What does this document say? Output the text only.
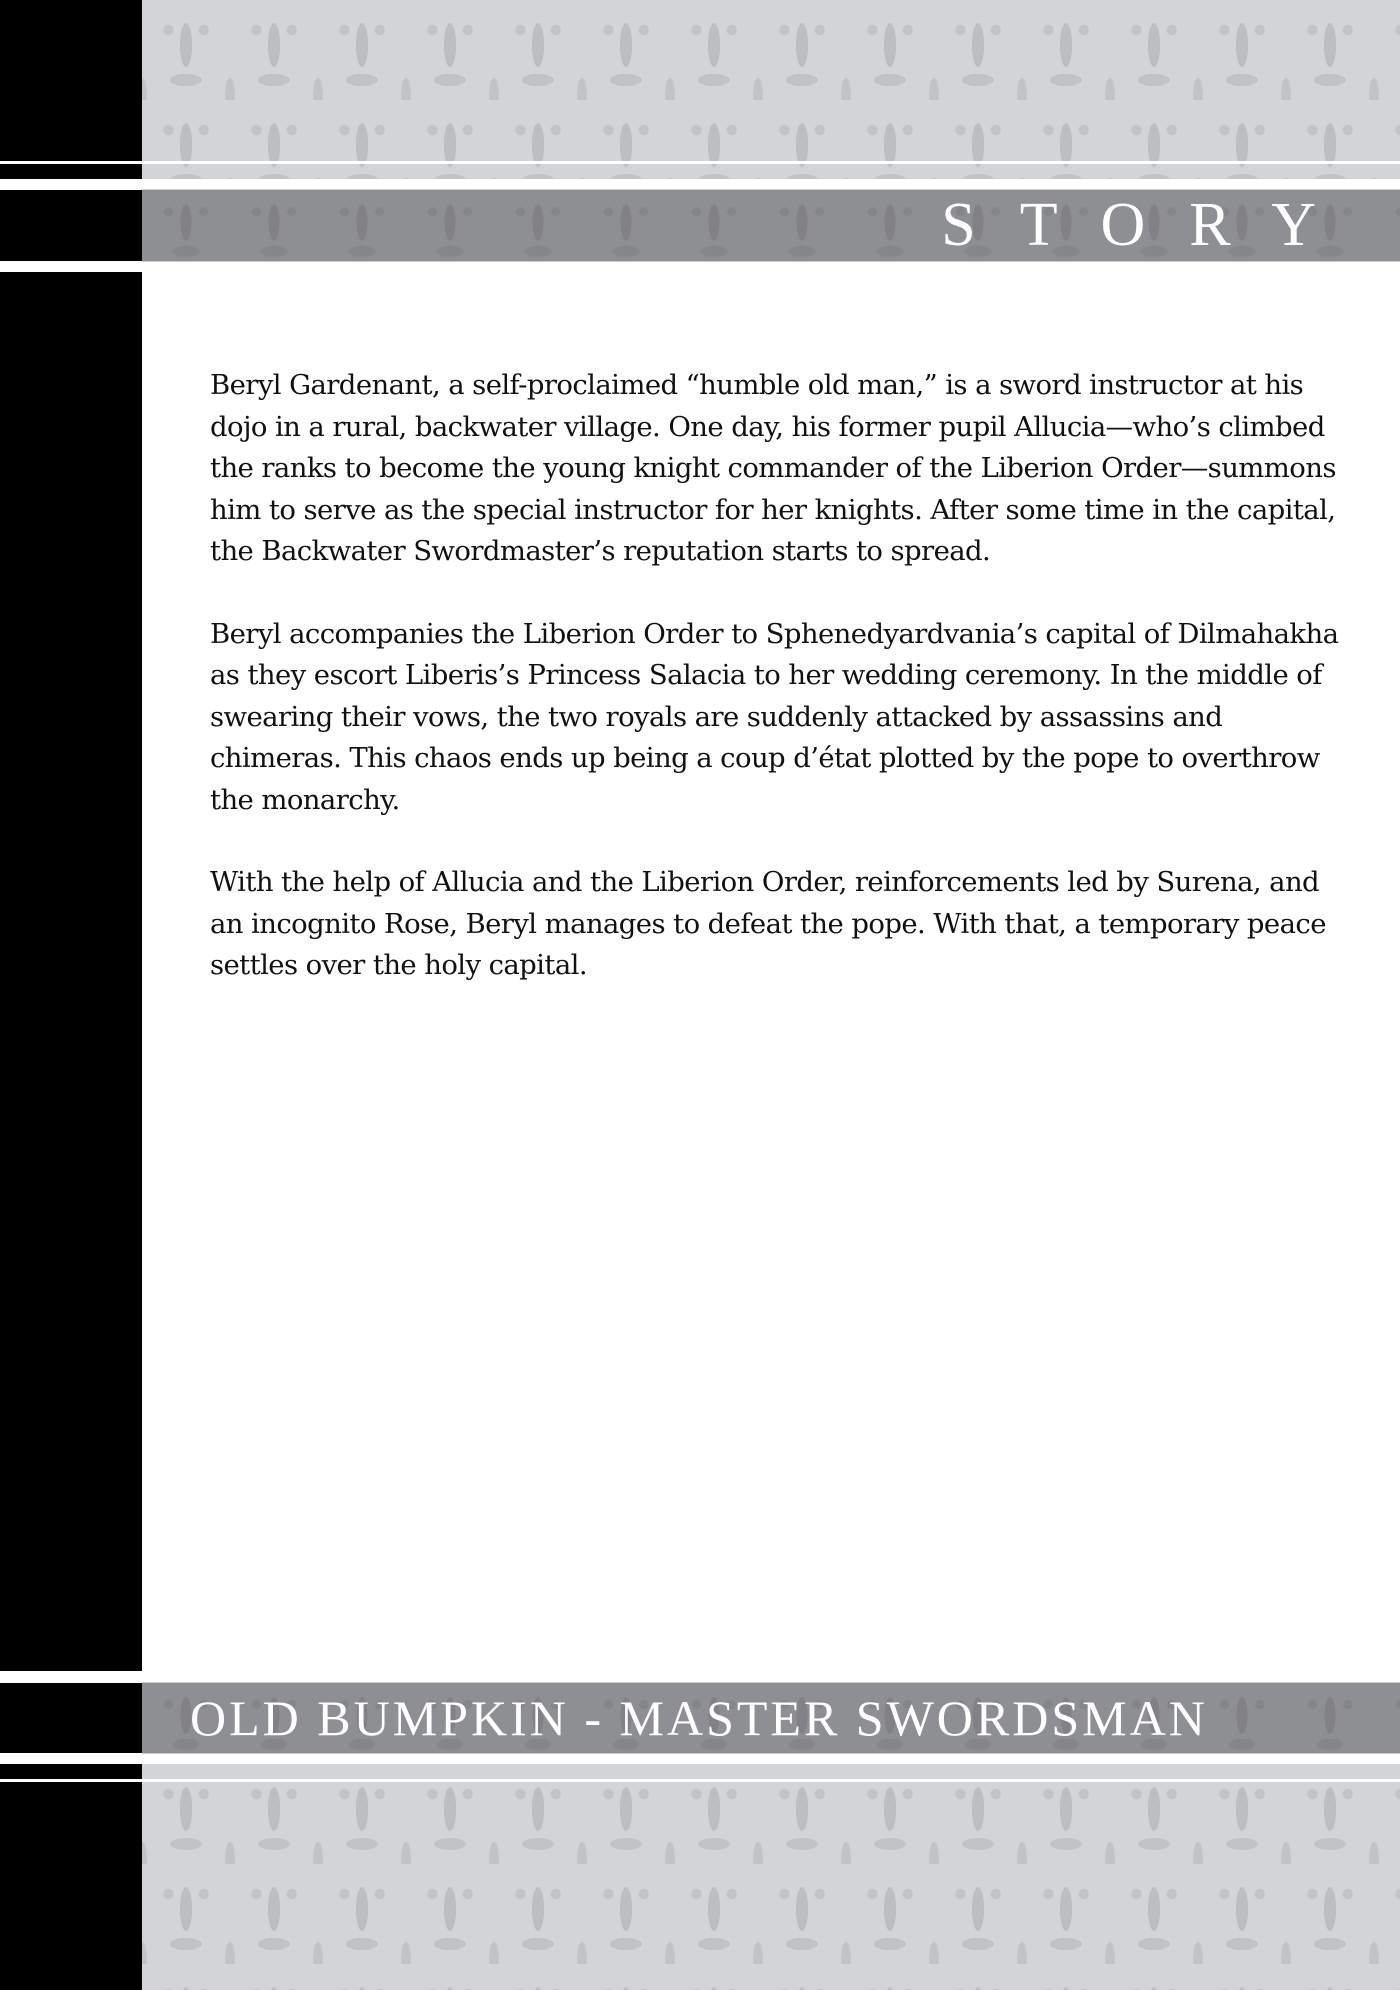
STORY

Beryl Gardenant, a self-proclaimed “humble old man,” is a sword instructor at his dojo in a rural, backwater village. One day, his former pupil Allucia—who’s climbed the ranks to become the young knight commander of the Liberion Order—summons him to serve as the special instructor for her knights. After some time in the capital, the Backwater Swordmaster’s reputation starts to spread.

Beryl accompanies the Liberion Order to Sphenedyardvania’s capital of Dilmahakha as they escort Liberis’s Princess Salacia to her wedding ceremony. In the middle of swearing their vows, the two royals are suddenly attacked by assassins and chimeras. This chaos ends up being a coup d’état plotted by the pope to overthrow the monarchy.

With the help of Allucia and the Liberion Order, reinforcements led by Surena, and an incognito Rose, Beryl manages to defeat the pope. With that, a temporary peace settles over the holy capital.

OLD BUMPKIN - MASTER SWORDSMAN
